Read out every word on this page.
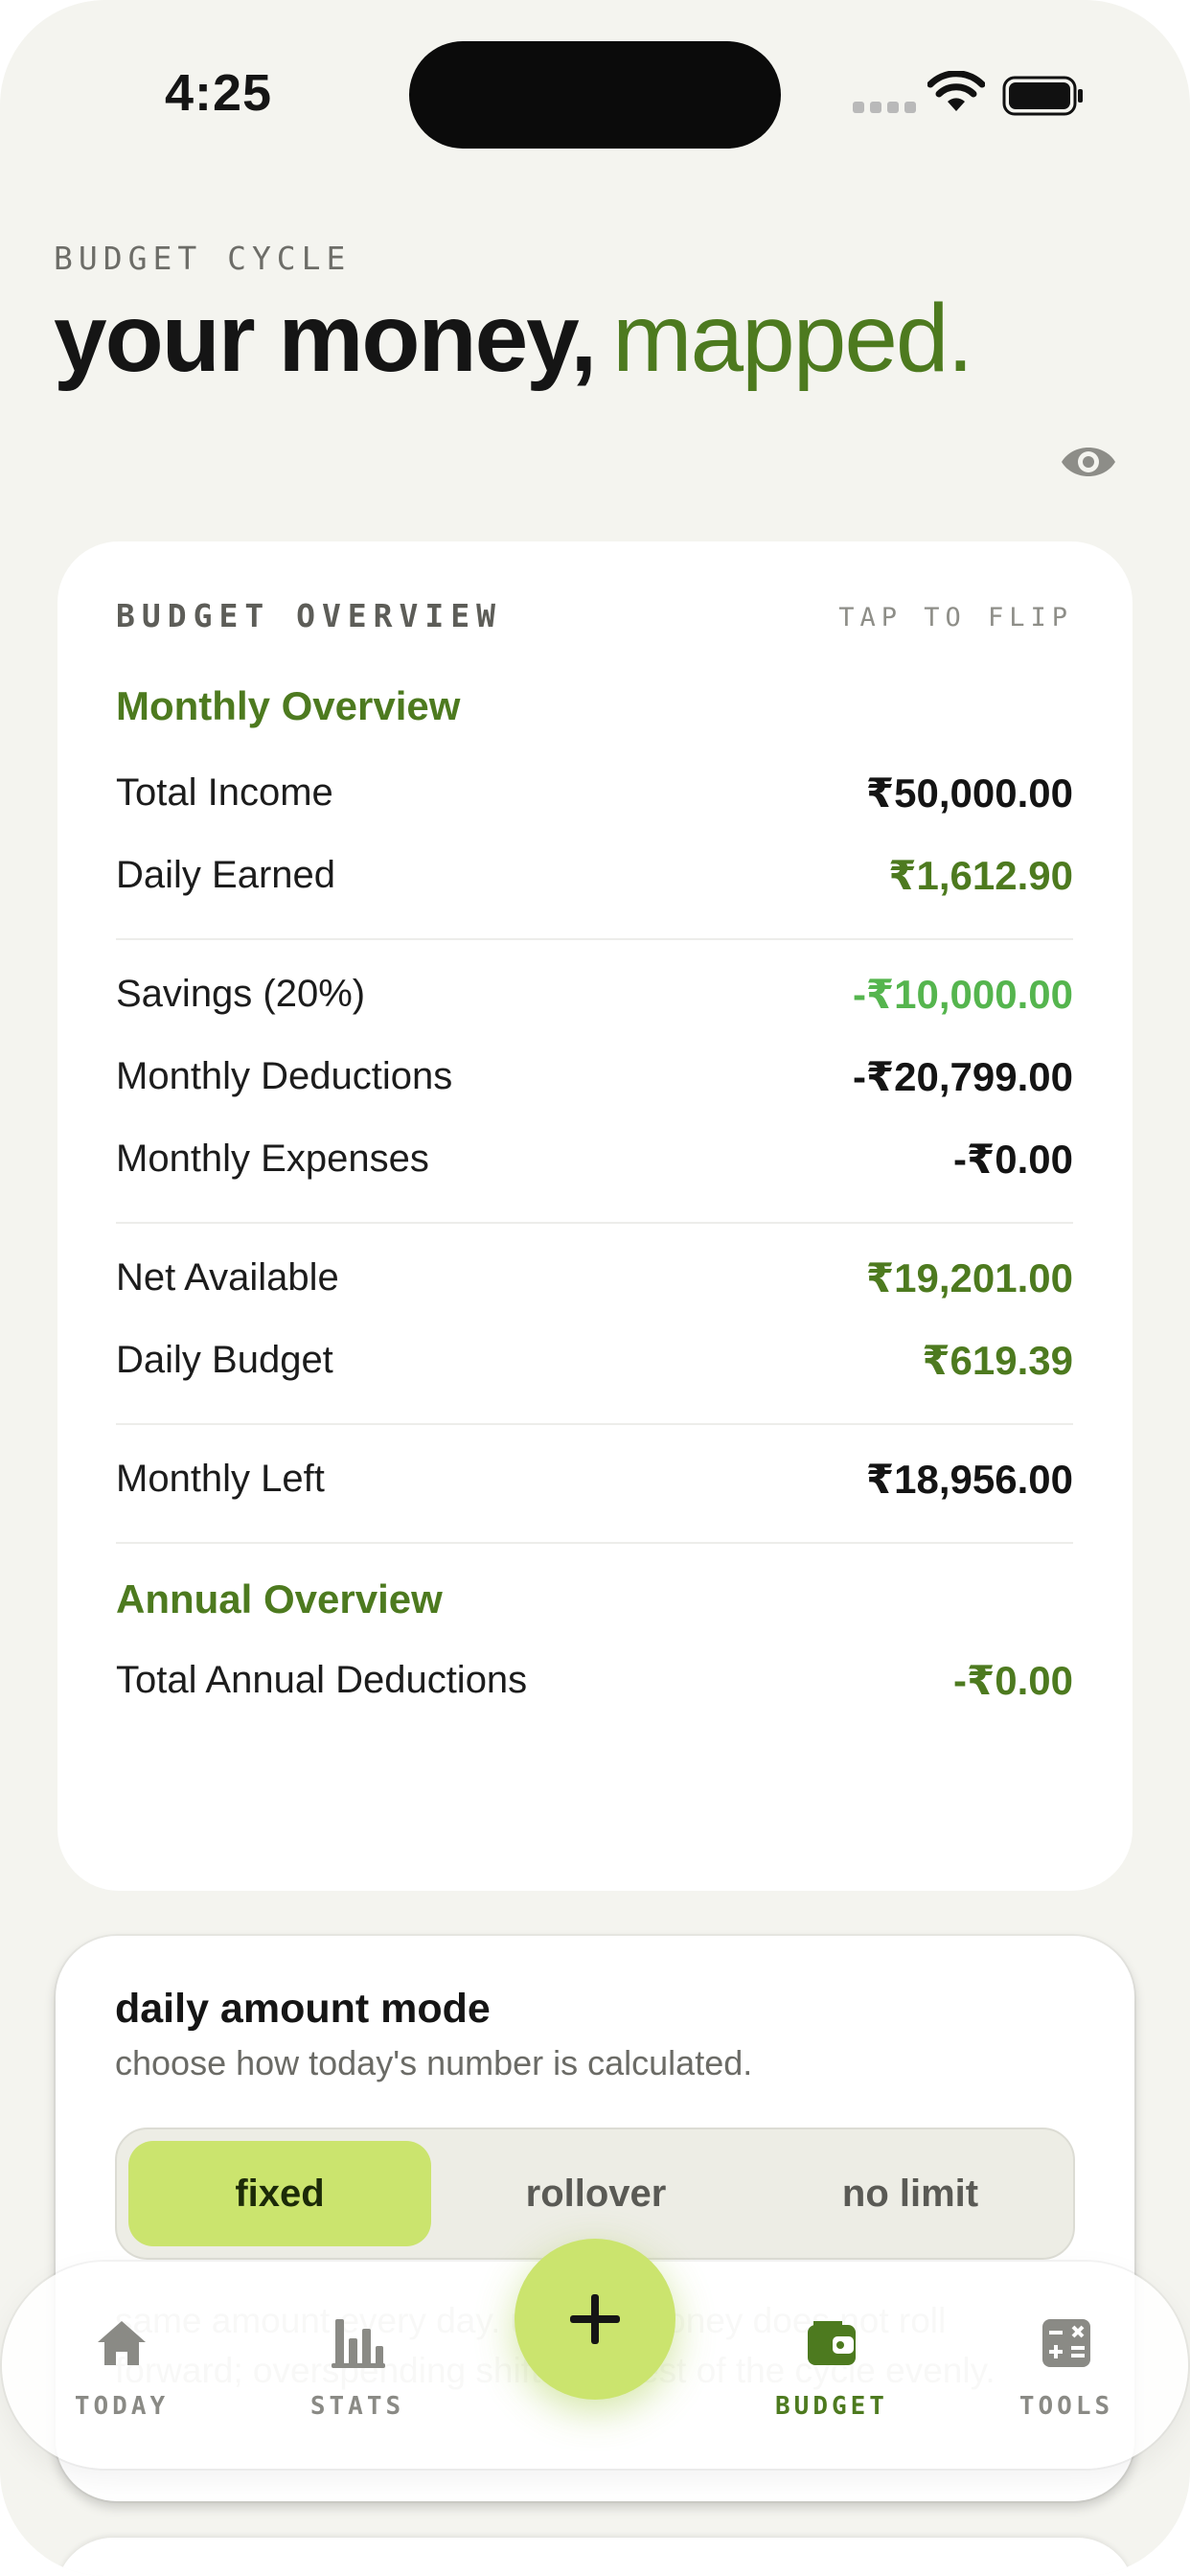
4:25
BUDGET CYCLE
your money, mapped.
BUDGET OVERVIEW	TAP TO FLIP
Monthly Overview
Total Income	₹50,000.00
Daily Earned	₹1,612.90
Savings (20%)	-₹10,000.00
Monthly Deductions	-₹20,799.00
Monthly Expenses	-₹0.00
Net Available	₹19,201.00
Daily Budget	₹619.39
Monthly Left	₹18,956.00
Annual Overview
Total Annual Deductions	-₹0.00
daily amount mode
choose how today's number is calculated.
fixed	rollover	no limit
TODAY	STATS	BUDGET	TOOLS
